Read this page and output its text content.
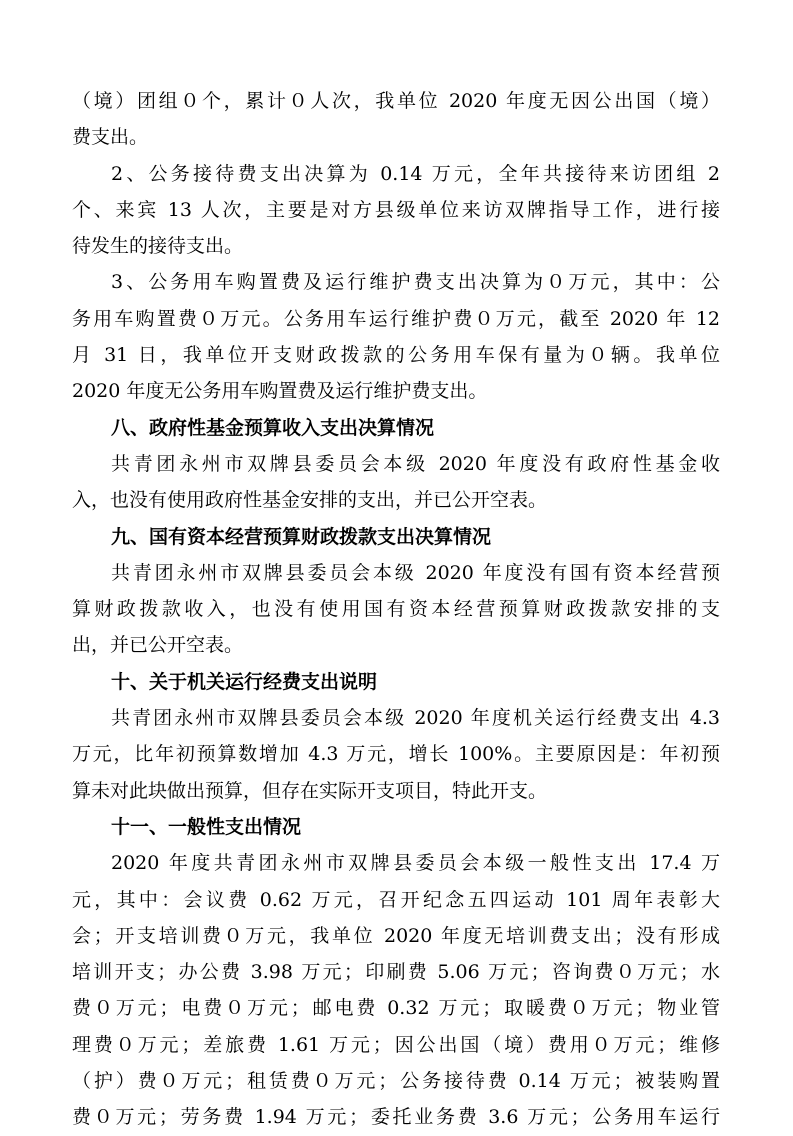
（境）团组０个，累计０人次，我单位 2020 年度无因公出国（境）
费支出。
2、公务接待费支出决算为 0.14 万元，全年共接待来访团组 2
个、来宾 13 人次，主要是对方县级单位来访双牌指导工作，进行接
待发生的接待支出。
3、公务用车购置费及运行维护费支出决算为０万元，其中：公
务用车购置费０万元。公务用车运行维护费０万元，截至 2020 年 12
月 31 日，我单位开支财政拨款的公务用车保有量为０辆。我单位
2020 年度无公务用车购置费及运行维护费支出。
八、政府性基金预算收入支出决算情况
共青团永州市双牌县委员会本级 2020 年度没有政府性基金收
入，也没有使用政府性基金安排的支出，并已公开空表。
九、国有资本经营预算财政拨款支出决算情况
共青团永州市双牌县委员会本级 2020 年度没有国有资本经营预
算财政拨款收入，也没有使用国有资本经营预算财政拨款安排的支
出，并已公开空表。
十、关于机关运行经费支出说明
共青团永州市双牌县委员会本级 2020 年度机关运行经费支出 4.3
万元，比年初预算数增加 4.3 万元，增长 100%。主要原因是：年初预
算未对此块做出预算，但存在实际开支项目，特此开支。
十一、一般性支出情况
2020 年度共青团永州市双牌县委员会本级一般性支出 17.4 万
元，其中：会议费 0.62 万元，召开纪念五四运动 101 周年表彰大
会；开支培训费０万元，我单位 2020 年度无培训费支出；没有形成
培训开支；办公费 3.98 万元；印刷费 5.06 万元；咨询费０万元；水
费０万元；电费０万元；邮电费 0.32 万元；取暖费０万元；物业管
理费０万元；差旅费 1.61 万元；因公出国（境）费用０万元；维修
（护）费０万元；租赁费０万元；公务接待费 0.14 万元；被装购置
费０万元；劳务费 1.94 万元；委托业务费 3.6 万元；公务用车运行
